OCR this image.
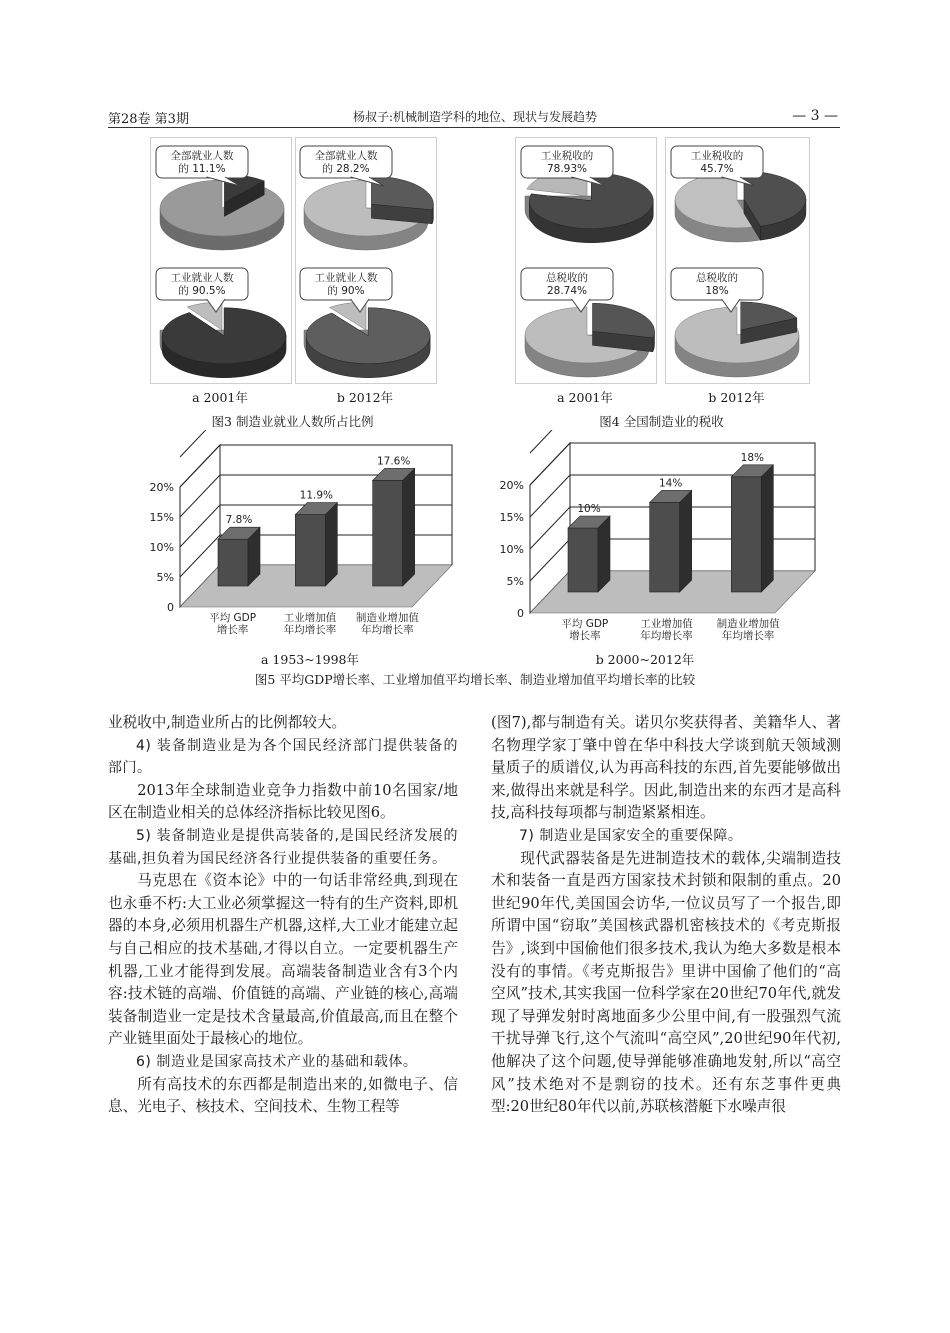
第28卷 第3期	杨叔子:机械制造学科的地位、现状与发展趋势	— 3 —
全部就业人数
的 11.1%
工业就业人数
的 90.5%
全部就业人数
的 28.2%
工业就业人数
的 90%
工业税收的
78.93%
总税收的
28.74%
工业税收的
45.7%
总税收的
18%
a 2001年	b 2012年	a 2001年	b 2012年
图3 制造业就业人数所占比例	图4 全国制造业的税收
0
5%
10%
15%
20%
7.8%
平均 GDP
增长率
11.9%
工业增加值
年均增长率
17.6%
制造业增加值
年均增长率
0
5%
10%
15%
20%
10%
平均 GDP
增长率
14%
工业增加值
年均增长率
18%
制造业增加值
年均增长率
a 1953~1998年	b 2000~2012年
图5 平均GDP增长率、工业增加值平均增长率、制造业增加值平均增长率的比较

业税收中,制造业所占的比例都较大。

4) 装备制造业是为各个国民经济部门提供装备的部门。

2013年全球制造业竞争力指数中前10名国家/地区在制造业相关的总体经济指标比较见图6。

5) 装备制造业是提供高装备的,是国民经济发展的基础,担负着为国民经济各行业提供装备的重要任务。

马克思在《资本论》中的一句话非常经典,到现在也永垂不朽:大工业必须掌握这一特有的生产资料,即机器的本身,必须用机器生产机器,这样,大工业才能建立起与自己相应的技术基础,才得以自立。一定要机器生产机器,工业才能得到发展。高端装备制造业含有3个内容:技术链的高端、价值链的高端、产业链的核心,高端装备制造业一定是技术含量最高,价值最高,而且在整个产业链里面处于最核心的地位。

6) 制造业是国家高技术产业的基础和载体。

所有高技术的东西都是制造出来的,如微电子、信息、光电子、核技术、空间技术、生物工程等

(图7),都与制造有关。诺贝尔奖获得者、美籍华人、著名物理学家丁肇中曾在华中科技大学谈到航天领域测量质子的质谱仪,认为再高科技的东西,首先要能够做出来,做得出来就是科学。因此,制造出来的东西才是高科技,高科技每项都与制造紧紧相连。

7) 制造业是国家安全的重要保障。

现代武器装备是先进制造技术的载体,尖端制造技术和装备一直是西方国家技术封锁和限制的重点。20世纪90年代,美国国会访华,一位议员写了一个报告,即所谓中国“窃取”美国核武器机密核技术的《考克斯报告》,谈到中国偷他们很多技术,我认为绝大多数是根本没有的事情。《考克斯报告》里讲中国偷了他们的“高空风”技术,其实我国一位科学家在20世纪70年代,就发现了导弹发射时离地面多少公里中间,有一股强烈气流干扰导弹飞行,这个气流叫“高空风”,20世纪90年代初,他解决了这个问题,使导弹能够准确地发射,所以“高空风”技术绝对不是剽窃的技术。还有东芝事件更典型:20世纪80年代以前,苏联核潜艇下水噪声很
